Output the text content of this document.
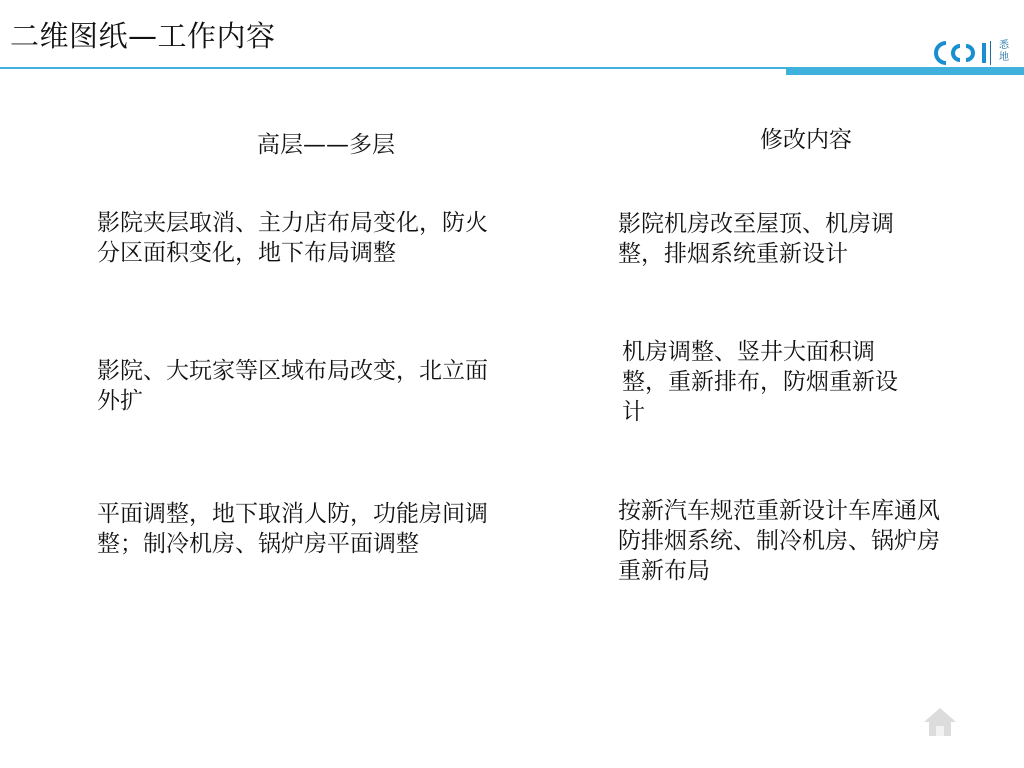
二维图纸—工作内容	悉地
高层——多层	修改内容
影院夹层取消、主力店布局变化，防火分区面积变化，地下布局调整
影院、大玩家等区域布局改变，北立面外扩
平面调整，地下取消人防，功能房间调整；制冷机房、锅炉房平面调整
影院机房改至屋顶、机房调整，排烟系统重新设计
机房调整、竖井大面积调整，重新排布，防烟重新设计
按新汽车规范重新设计车库通风防排烟系统、制冷机房、锅炉房重新布局
